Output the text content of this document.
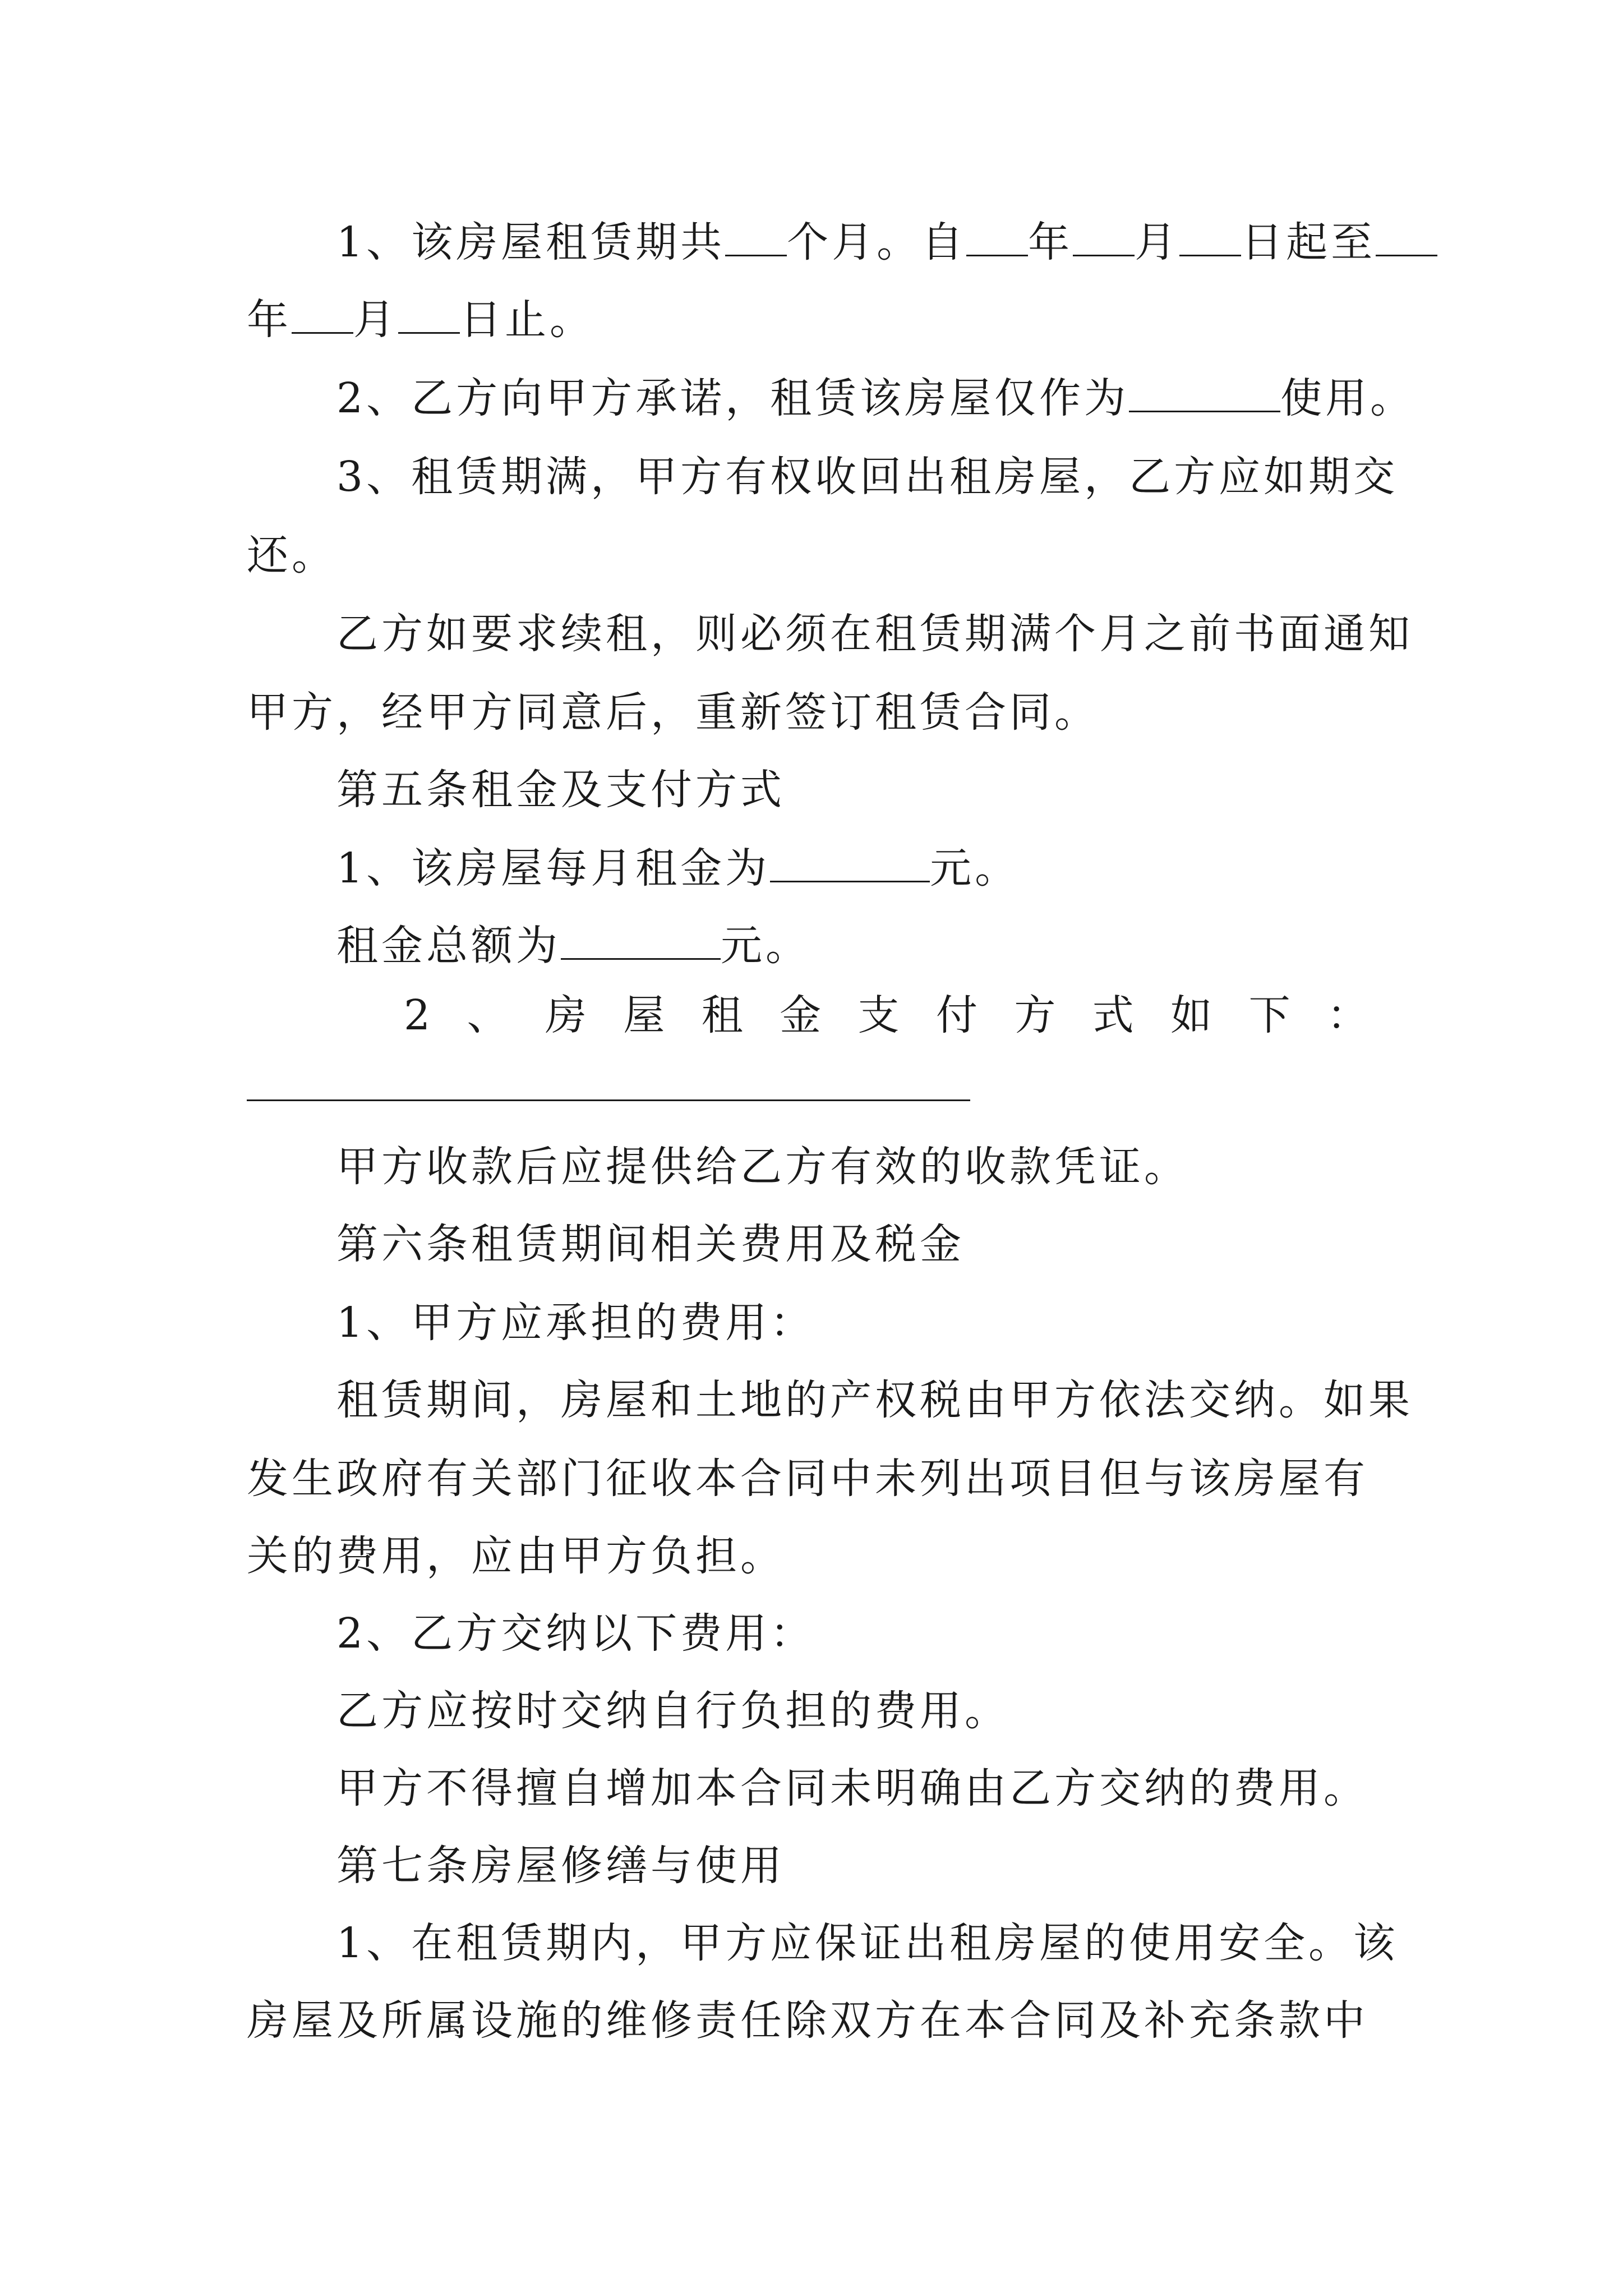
1、该房屋租赁期共 个月。自 年 月 日起至
年 月 日止。
2、乙方向甲方承诺，租赁该房屋仅作为	使用。
3、租赁期满，甲方有权收回出租房屋，乙方应如期交
还。
乙方如要求续租，则必须在租赁期满个月之前书面通知
甲方，经甲方同意后，重新签订租赁合同。
第五条租金及支付方式
1、该房屋每月租金为	元。
租金总额为	元。
2 、 房 屋 租 金 支 付 方 式 如 下 ：
甲方收款后应提供给乙方有效的收款凭证。
第六条租赁期间相关费用及税金
1、甲方应承担的费用：
租赁期间，房屋和土地的产权税由甲方依法交纳。如果
发生政府有关部门征收本合同中未列出项目但与该房屋有
关的费用，应由甲方负担。
2、乙方交纳以下费用：
乙方应按时交纳自行负担的费用。
甲方不得擅自增加本合同未明确由乙方交纳的费用。
第七条房屋修缮与使用
1、在租赁期内，甲方应保证出租房屋的使用安全。该
房屋及所属设施的维修责任除双方在本合同及补充条款中
